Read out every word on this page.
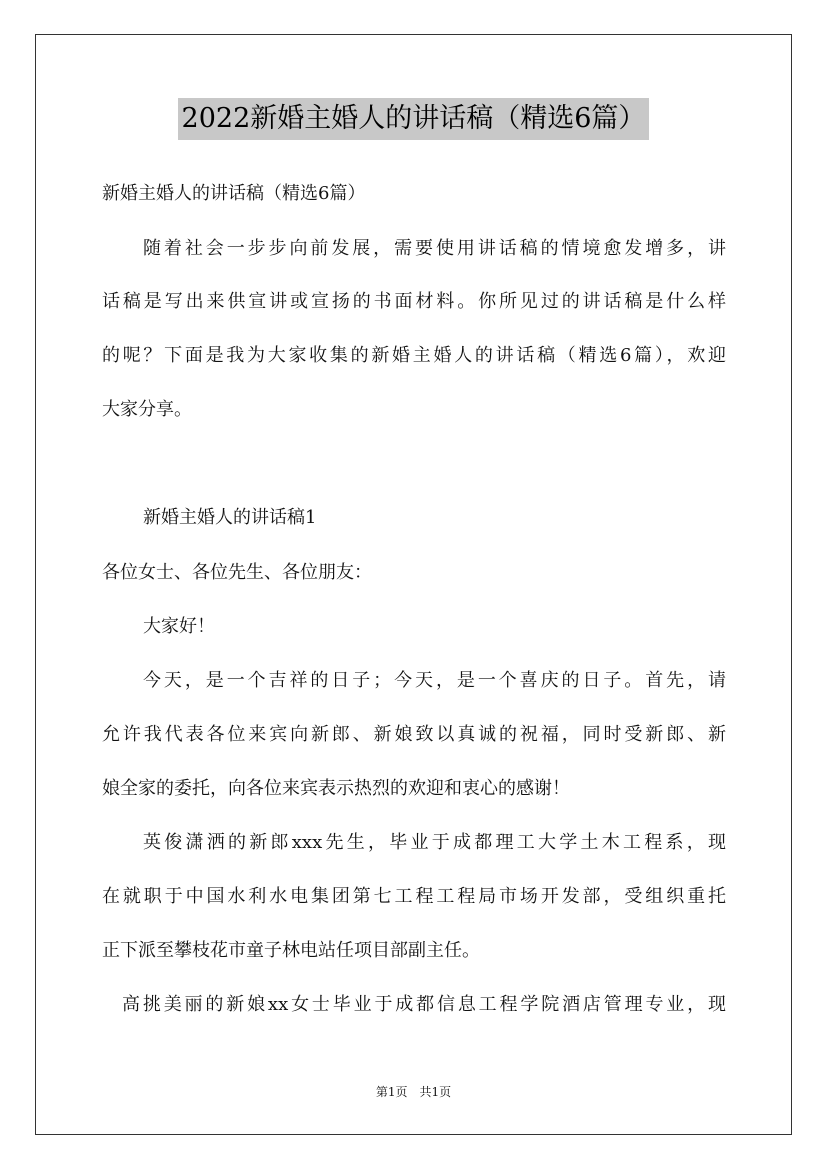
2022新婚主婚人的讲话稿（精选6篇）
新婚主婚人的讲话稿（精选6篇）
随着社会一步步向前发展，需要使用讲话稿的情境愈发增多，讲
话稿是写出来供宣讲或宣扬的书面材料。你所见过的讲话稿是什么样
的呢？下面是我为大家收集的新婚主婚人的讲话稿（精选6篇），欢迎
大家分享。
新婚主婚人的讲话稿1
各位女士、各位先生、各位朋友：
大家好！
今天，是一个吉祥的日子；今天，是一个喜庆的日子。首先，请
允许我代表各位来宾向新郎、新娘致以真诚的祝福，同时受新郎、新
娘全家的委托，向各位来宾表示热烈的欢迎和衷心的感谢！
英俊潇洒的新郎xxx先生，毕业于成都理工大学土木工程系，现
在就职于中国水利水电集团第七工程工程局市场开发部，受组织重托
正下派至攀枝花市童子林电站任项目部副主任。
高挑美丽的新娘xx女士毕业于成都信息工程学院酒店管理专业，现
第1页　共1页
